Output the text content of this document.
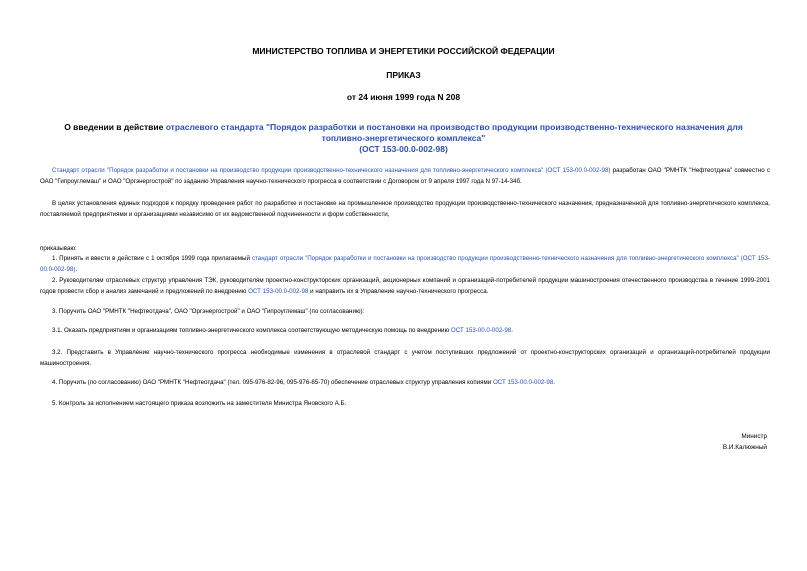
МИНИСТЕРСТВО ТОПЛИВА И ЭНЕРГЕТИКИ РОССИЙСКОЙ ФЕДЕРАЦИИ
ПРИКАЗ
от 24 июня 1999 года N 208
О введении в действие отраслевого стандарта "Порядок разработки и постановки на производство продукции производственно-технического назначения для
топливно-энергетического комплекса"
(ОСТ 153-00.0-002-98)

Стандарт отрасли "Порядок разработки и постановки на производство продукции производственно-технического назначения для топливно-энергетического комплекса" (ОСТ 153-00.0-002-98) разработан ОАО "РМНТК "Нефтеотдача" совместно с ОАО "Гипроуглемаш" и ОАО "Оргэнергострой" по заданию Управления научно-технического прогресса в соответствии с Договором от 9 апреля 1997 года N 97-14-34б.

В целях установления единых подходов к порядку проведения работ по разработке и постановке на промышленное производство продукции производственно-технического назначения, предназначенной для топливно-энергетического комплекса, поставляемой предприятиями и организациями независимо от их ведомственной подчиненности и форм собственности,

приказываю:

1. Принять и ввести в действие с 1 октября 1999 года прилагаемый стандарт отрасли "Порядок разработки и постановки на производство продукции производственно-технического назначения для топливно-энергетического комплекса" (ОСТ 153-00.0-002-98).

2. Руководителям отраслевых структур управления ТЭК, руководителям проектно-конструкторских организаций, акционерных компаний и организаций-потребителей продукции машиностроения отечественного производства в течение 1999-2001 годов провести сбор и анализ замечаний и предложений по внедрению ОСТ 153-00.0-002-98 и направить их в Управление научно-технического прогресса.

3. Поручить ОАО "РМНТК "Нефтеотдача", ОАО "Оргэнергострой" и ОАО "Гипроуглемаш" (по согласованию):

3.1. Оказать предприятиям и организациям топливно-энергетического комплекса соответствующую методическую помощь по внедрению ОСТ 153-00.0-002-98.

3.2. Представить в Управление научно-технического прогресса необходимые изменения в отраслевой стандарт с учетом поступивших предложений от проектно-конструкторских организаций и организаций-потребителей продукции машиностроения.

4. Поручить (по согласованию) ОАО "РМНТК "Нефтеотдача" (тел. 095-976-82-96, 095-976-85-70) обеспечение отраслевых структур управления копиями ОСТ 153-00.0-002-98.

5. Контроль за исполнением настоящего приказа возложить на заместителя Министра Яновского А.Б.

Министр
В.И.Калюжный
